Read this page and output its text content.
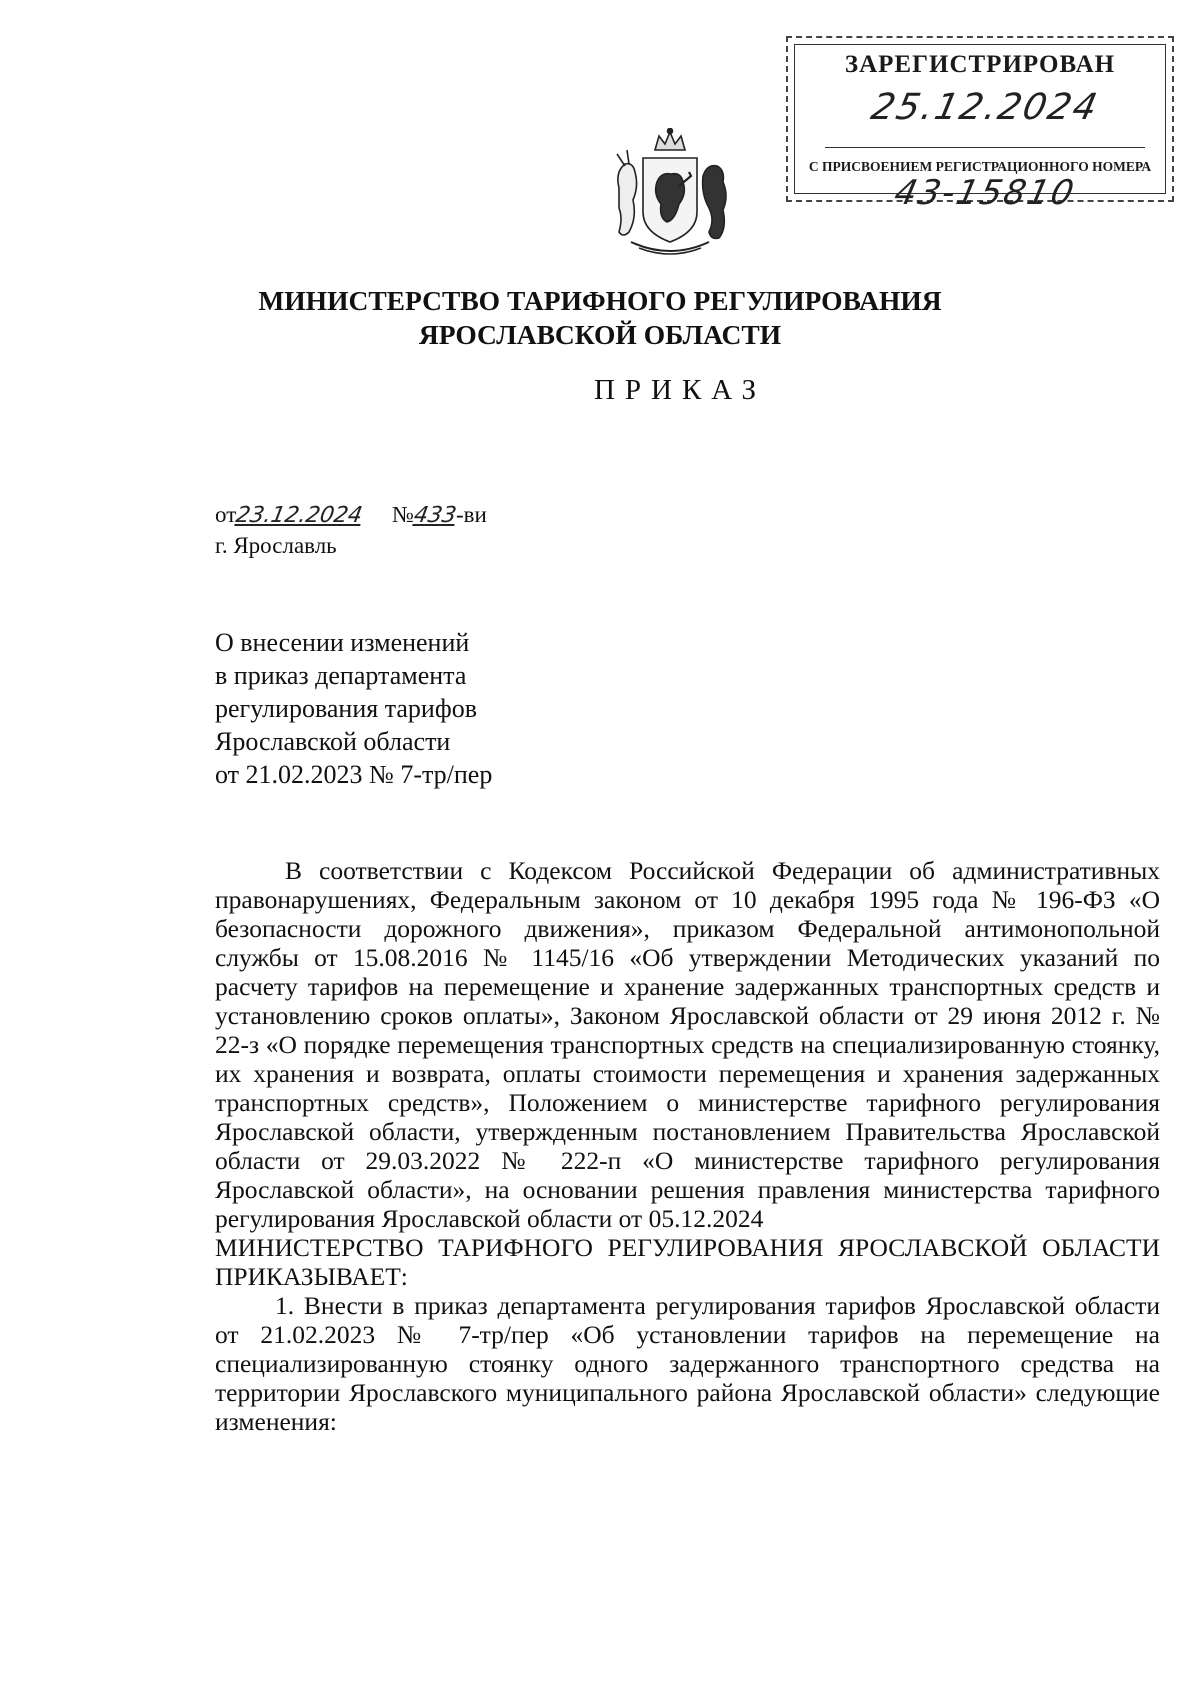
ЗАРЕГИСТРИРОВАН
25.12.2024
С ПРИСВОЕНИЕМ РЕГИСТРАЦИОННОГО НОМЕРА
43-15810
МИНИСТЕРСТВО ТАРИФНОГО РЕГУЛИРОВАНИЯ
ЯРОСЛАВСКОЙ ОБЛАСТИ
ПРИКАЗ
от23.12.2024 №433-ви
г. Ярославль
О внесении изменений
в приказ департамента
регулирования тарифов
Ярославской области
от 21.02.2023 № 7-тр/пер

В соответствии с Кодексом Российской Федерации об административных правонарушениях, Федеральным законом от 10 декабря 1995 года № 196-ФЗ «О безопасности дорожного движения», приказом Федеральной антимонопольной службы от 15.08.2016 № 1145/16 «Об утверждении Методических указаний по расчету тарифов на перемещение и хранение задержанных транспортных средств и установлению сроков оплаты», Законом Ярославской области от 29 июня 2012 г. № 22-з «О порядке перемещения транспортных средств на специализированную стоянку, их хранения и возврата, оплаты стоимости перемещения и хранения задержанных транспортных средств», Положением о министерстве тарифного регулирования Ярославской области, утвержденным постановлением Правительства Ярославской области от 29.03.2022 № 222-п «О министерстве тарифного регулирования Ярославской области», на основании решения правления министерства тарифного регулирования Ярославской области от 05.12.2024

МИНИСТЕРСТВО ТАРИФНОГО РЕГУЛИРОВАНИЯ ЯРОСЛАВСКОЙ ОБЛАСТИ ПРИКАЗЫВАЕТ:

1. Внести в приказ департамента регулирования тарифов Ярославской области от 21.02.2023 № 7-тр/пер «Об установлении тарифов на перемещение на специализированную стоянку одного задержанного транспортного средства на территории Ярославского муниципального района Ярославской области» следующие изменения:
